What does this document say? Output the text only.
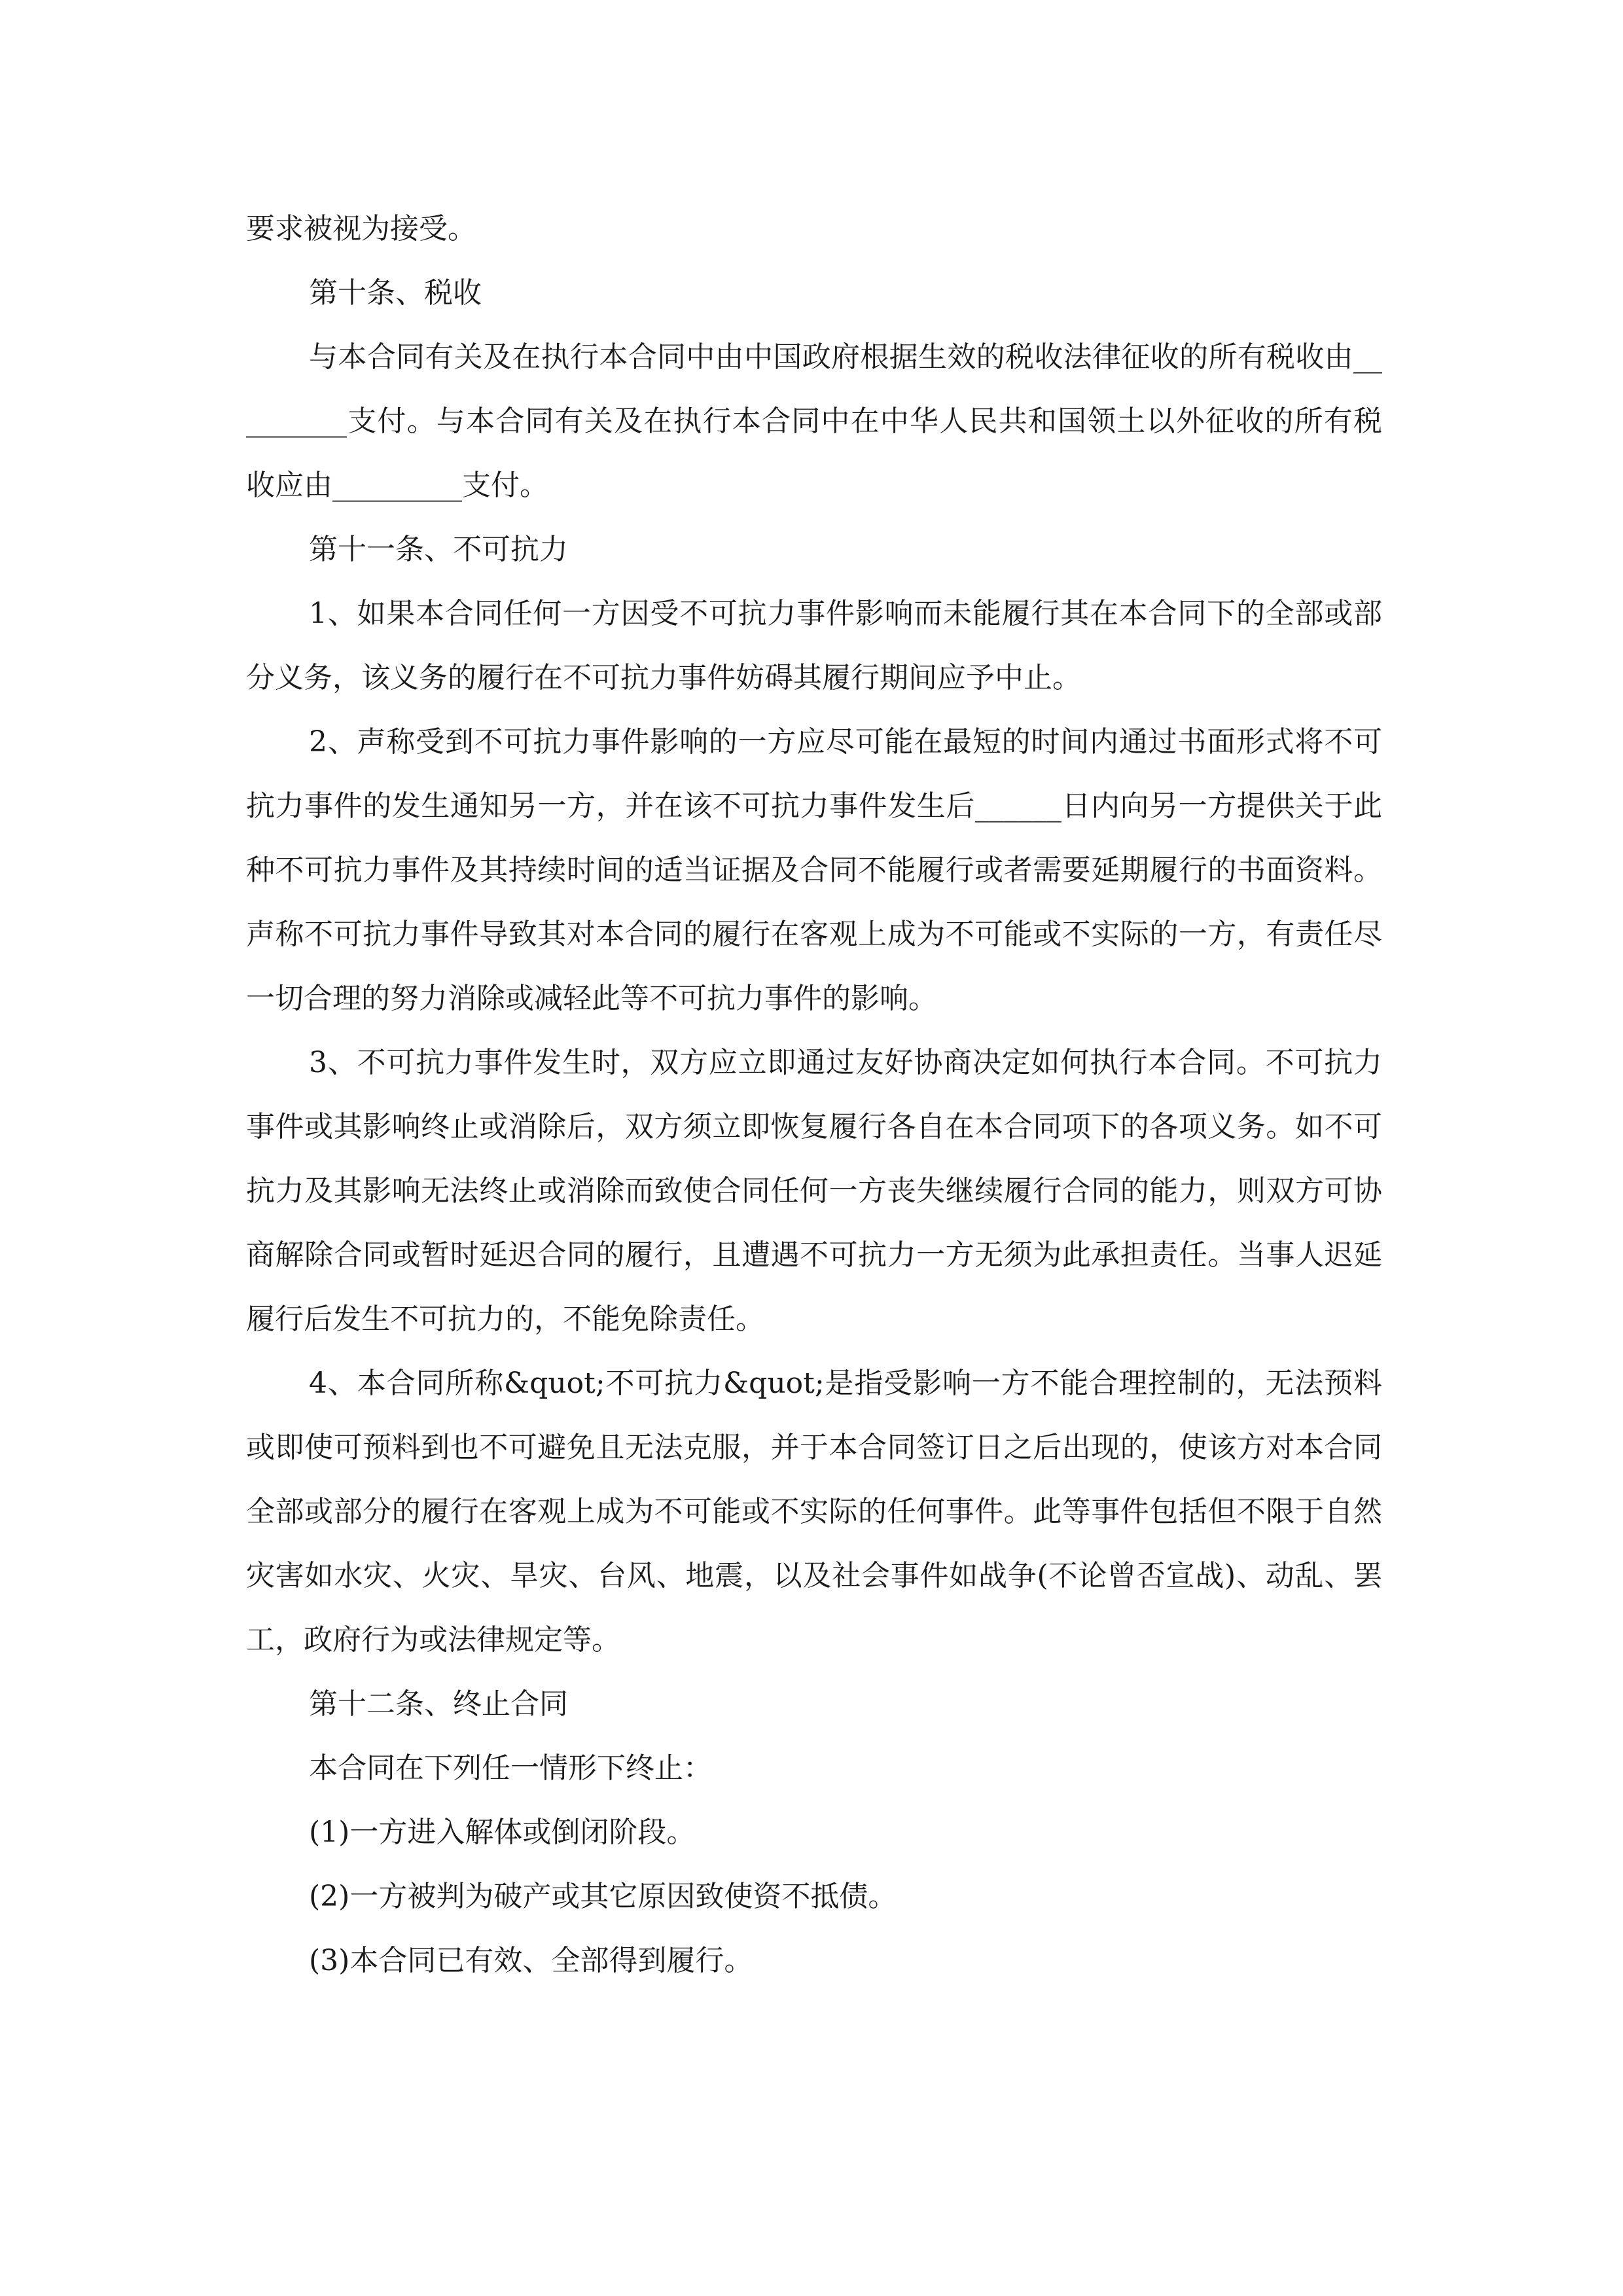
要求被视为接受。

第十条、税收

与本合同有关及在执行本合同中由中国政府根据生效的税收法律征收的所有税收由_________支付。与本合同有关及在执行本合同中在中华人民共和国领土以外征收的所有税收应由_________支付。

第十一条、不可抗力

1、如果本合同任何一方因受不可抗力事件影响而未能履行其在本合同下的全部或部分义务，该义务的履行在不可抗力事件妨碍其履行期间应予中止。

2、声称受到不可抗力事件影响的一方应尽可能在最短的时间内通过书面形式将不可抗力事件的发生通知另一方，并在该不可抗力事件发生后______日内向另一方提供关于此种不可抗力事件及其持续时间的适当证据及合同不能履行或者需要延期履行的书面资料。声称不可抗力事件导致其对本合同的履行在客观上成为不可能或不实际的一方，有责任尽一切合理的努力消除或减轻此等不可抗力事件的影响。

3、不可抗力事件发生时，双方应立即通过友好协商决定如何执行本合同。不可抗力事件或其影响终止或消除后，双方须立即恢复履行各自在本合同项下的各项义务。如不可抗力及其影响无法终止或消除而致使合同任何一方丧失继续履行合同的能力，则双方可协商解除合同或暂时延迟合同的履行，且遭遇不可抗力一方无须为此承担责任。当事人迟延履行后发生不可抗力的，不能免除责任。

4、本合同所称&quot;不可抗力&quot;是指受影响一方不能合理控制的，无法预料或即使可预料到也不可避免且无法克服，并于本合同签订日之后出现的，使该方对本合同全部或部分的履行在客观上成为不可能或不实际的任何事件。此等事件包括但不限于自然灾害如水灾、火灾、旱灾、台风、地震，以及社会事件如战争(不论曾否宣战)、动乱、罢工，政府行为或法律规定等。

第十二条、终止合同

本合同在下列任一情形下终止：

(1)一方进入解体或倒闭阶段。

(2)一方被判为破产或其它原因致使资不抵债。

(3)本合同已有效、全部得到履行。
